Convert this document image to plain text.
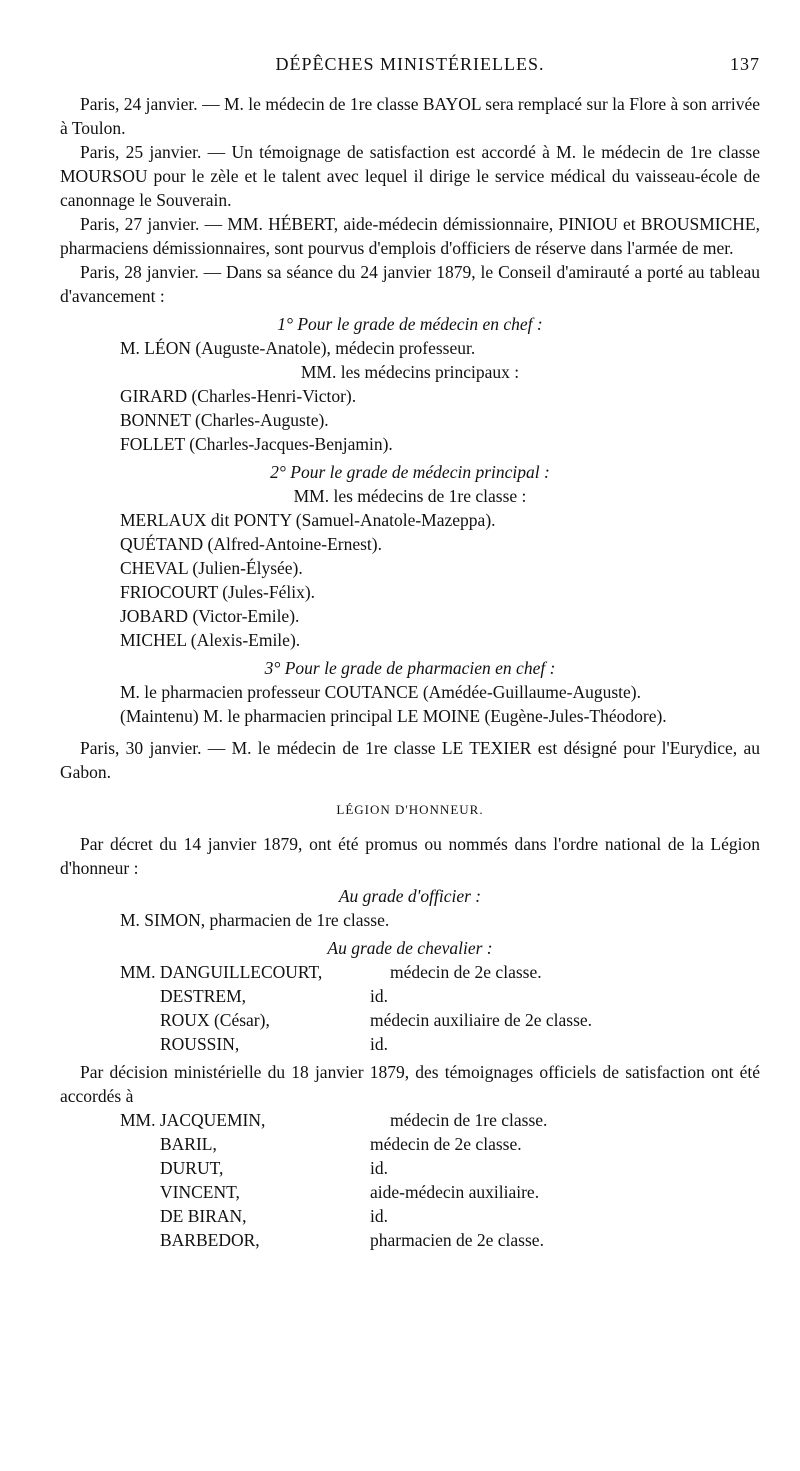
DÉPÊCHES MINISTÉRIELLES.	137

Paris, 24 janvier. — M. le médecin de 1re classe BAYOL sera remplacé sur la Flore à son arrivée à Toulon.

Paris, 25 janvier. — Un témoignage de satisfaction est accordé à M. le médecin de 1re classe MOURSOU pour le zèle et le talent avec lequel il dirige le service médical du vaisseau-école de canonnage le Souverain.

Paris, 27 janvier. — MM. HÉBERT, aide-médecin démissionnaire, PINIOU et BROUSMICHE, pharmaciens démissionnaires, sont pourvus d'emplois d'officiers de réserve dans l'armée de mer.

Paris, 28 janvier. — Dans sa séance du 24 janvier 1879, le Conseil d'amirauté a porté au tableau d'avancement :

1° Pour le grade de médecin en chef :

M. LÉON (Auguste-Anatole), médecin professeur.

MM. les médecins principaux :

GIRARD (Charles-Henri-Victor).

BONNET (Charles-Auguste).

FOLLET (Charles-Jacques-Benjamin).

2° Pour le grade de médecin principal :

MM. les médecins de 1re classe :

MERLAUX dit PONTY (Samuel-Anatole-Mazeppa).

QUÉTAND (Alfred-Antoine-Ernest).

CHEVAL (Julien-Élysée).

FRIOCOURT (Jules-Félix).

JOBARD (Victor-Emile).

MICHEL (Alexis-Emile).

3° Pour le grade de pharmacien en chef :

M. le pharmacien professeur COUTANCE (Amédée-Guillaume-Auguste).

(Maintenu) M. le pharmacien principal LE MOINE (Eugène-Jules-Théodore).

Paris, 30 janvier. — M. le médecin de 1re classe LE TEXIER est désigné pour l'Eurydice, au Gabon.

LÉGION D'HONNEUR.

Par décret du 14 janvier 1879, ont été promus ou nommés dans l'ordre national de la Légion d'honneur :

Au grade d'officier :

M. SIMON, pharmacien de 1re classe.

Au grade de chevalier :

MM. DANGUILLECOURT,	médecin de 2e classe.

DESTREM,	id.

ROUX (César),	médecin auxiliaire de 2e classe.

ROUSSIN,	id.

Par décision ministérielle du 18 janvier 1879, des témoignages officiels de satisfaction ont été accordés à

MM. JACQUEMIN,	médecin de 1re classe.

BARIL,	médecin de 2e classe.

DURUT,	id.

VINCENT,	aide-médecin auxiliaire.

DE BIRAN,	id.

BARBEDOR,	pharmacien de 2e classe.
